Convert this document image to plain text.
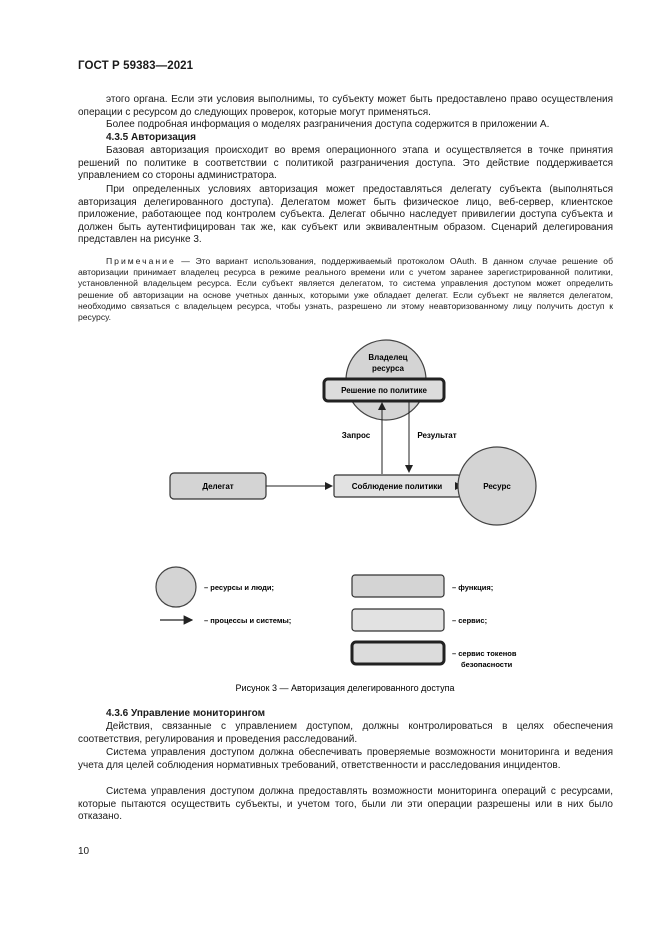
ГОСТ Р 59383—2021
этого органа. Если эти условия выполнимы, то субъекту может быть предоставлено право осуществления операции с ресурсом до следующих проверок, которые могут применяться.
Более подробная информация о моделях разграничения доступа содержится в приложении А.
4.3.5 Авторизация
Базовая авторизация происходит во время операционного этапа и осуществляется в точке принятия решений по политике в соответствии с политикой разграничения доступа. Это действие поддерживается управлением со стороны администратора.
При определенных условиях авторизация может предоставляться делегату субъекта (выполняться авторизация делегированного доступа). Делегатом может быть физическое лицо, веб-сервер, клиентское приложение, работающее под контролем субъекта. Делегат обычно наследует привилегии доступа субъекта и должен быть аутентифицирован так же, как субъект или эквивалентным образом. Сценарий делегирования представлен на рисунке 3.
Примечание — Это вариант использования, поддерживаемый протоколом OAuth. В данном случае решение об авторизации принимает владелец ресурса в режиме реального времени или с учетом заранее зарегистрированной политики, установленной владельцем ресурса. Если субъект является делегатом, то система управления доступом может определить решение об авторизации на основе учетных данных, которыми уже обладает делегат. Если субъект не является делегатом, необходимо связаться с владельцем ресурса, чтобы узнать, разрешено ли этому неавторизованному лицу получить доступ к ресурсу.
Владелец
ресурса
Решение по политике
Запрос	Результат
Делегат	Соблюдение политики	Ресурс
– ресурсы и люди;
– процессы и системы;
– функция;
– сервис;
– сервис токенов
безопасности
Рисунок 3 — Авторизация делегированного доступа
4.3.6 Управление мониторингом
Действия, связанные с управлением доступом, должны контролироваться в целях обеспечения соответствия, регулирования и проведения расследований.
Система управления доступом должна обеспечивать проверяемые возможности мониторинга и ведения учета для целей соблюдения нормативных требований, ответственности и расследования инцидентов.
Система управления доступом должна предоставлять возможности мониторинга операций с ресурсами, которые пытаются осуществить субъекты, и учетом того, были ли эти операции разрешены или в них было отказано.
10
